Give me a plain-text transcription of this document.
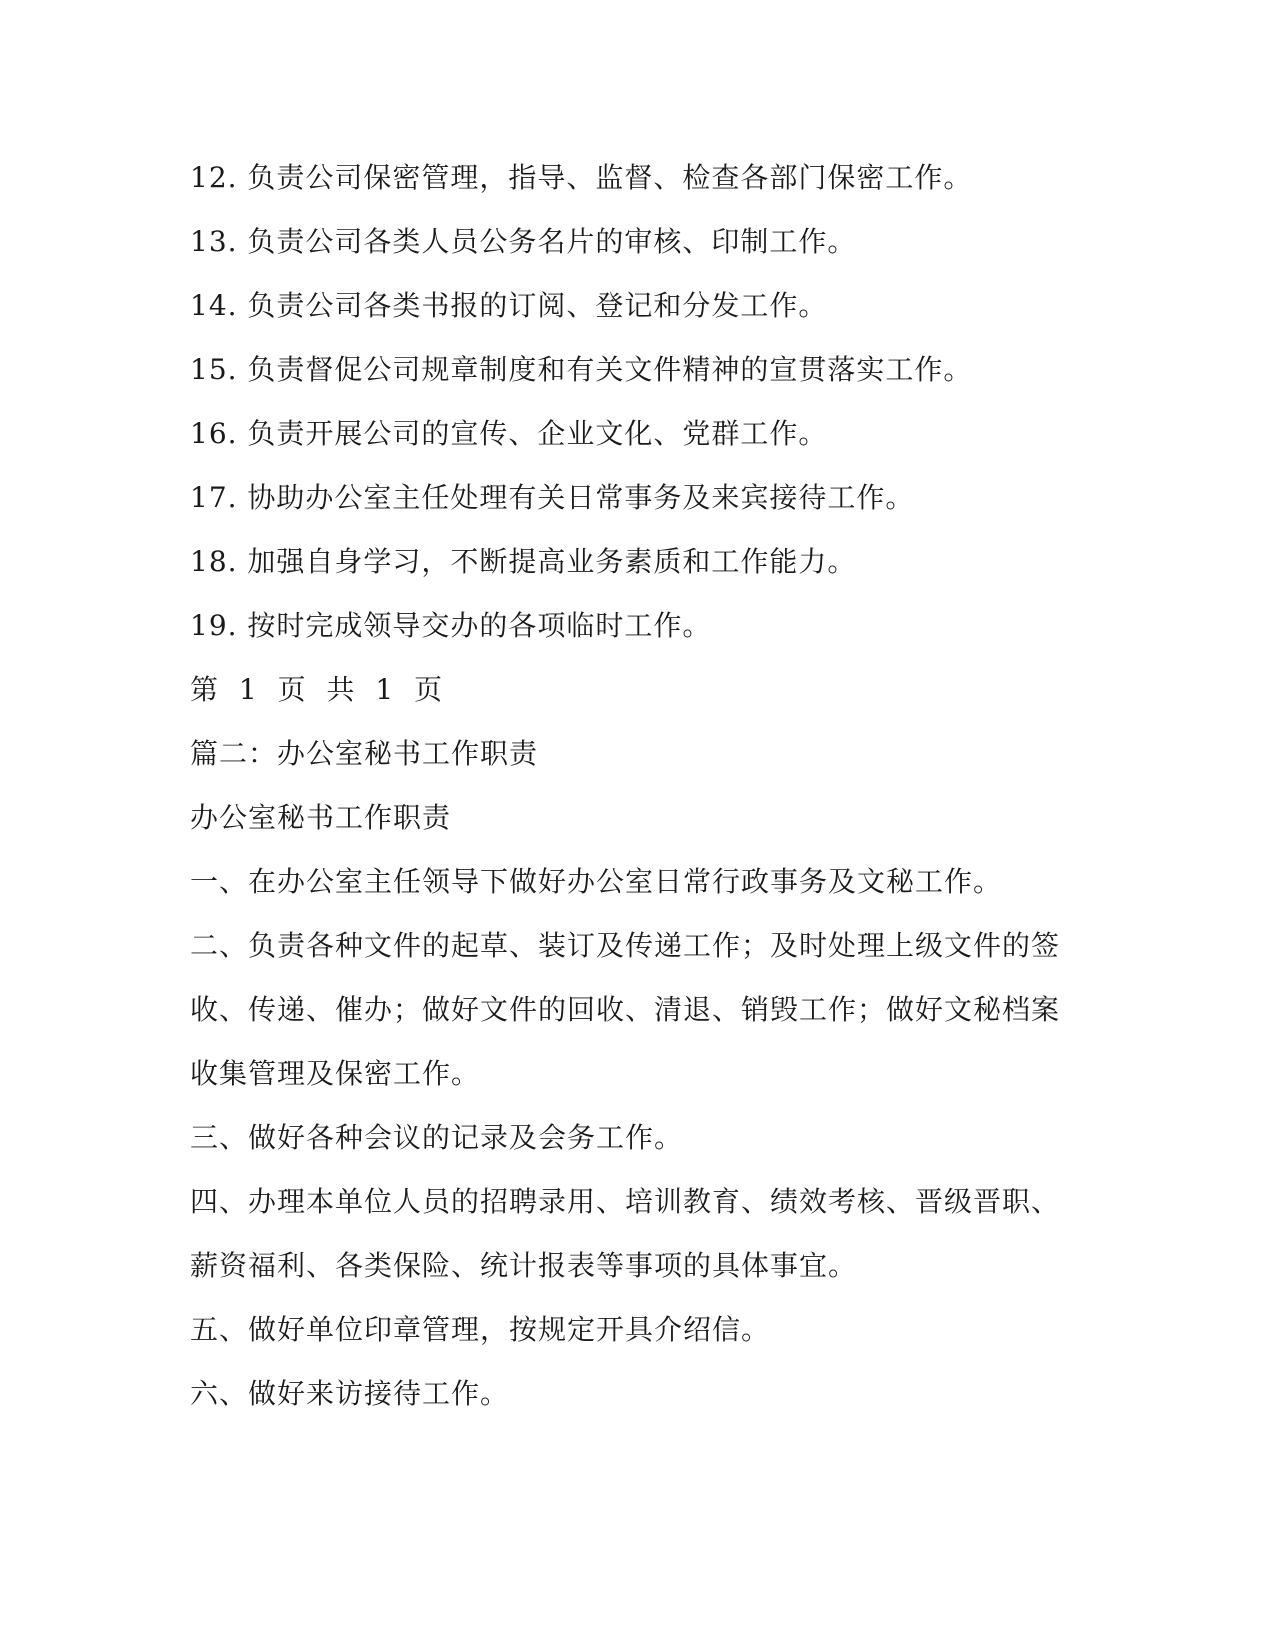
12. 负责公司保密管理，指导、监督、检查各部门保密工作。
13. 负责公司各类人员公务名片的审核、印制工作。
14. 负责公司各类书报的订阅、登记和分发工作。
15. 负责督促公司规章制度和有关文件精神的宣贯落实工作。
16. 负责开展公司的宣传、企业文化、党群工作。
17. 协助办公室主任处理有关日常事务及来宾接待工作。
18. 加强自身学习，不断提高业务素质和工作能力。
19. 按时完成领导交办的各项临时工作。
第 1 页 共 1 页
篇二：办公室秘书工作职责
办公室秘书工作职责
一、在办公室主任领导下做好办公室日常行政事务及文秘工作。
二、负责各种文件的起草、装订及传递工作；及时处理上级文件的签
收、传递、催办；做好文件的回收、清退、销毁工作；做好文秘档案
收集管理及保密工作。
三、做好各种会议的记录及会务工作。
四、办理本单位人员的招聘录用、培训教育、绩效考核、晋级晋职、
薪资福利、各类保险、统计报表等事项的具体事宜。
五、做好单位印章管理，按规定开具介绍信。
六、做好来访接待工作。
